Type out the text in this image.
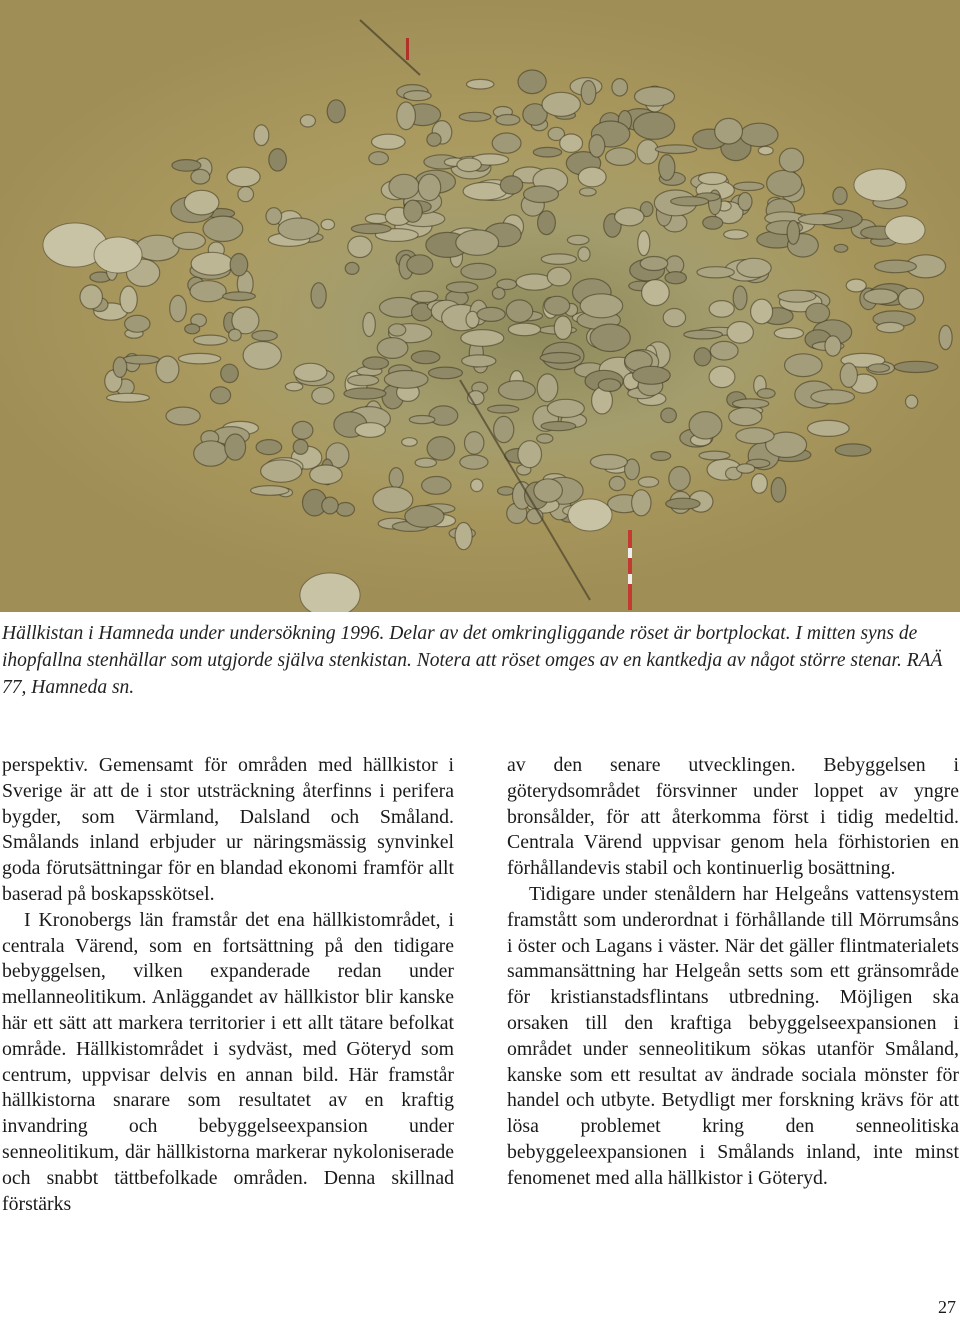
Hällkistan i Hamneda under undersökning 1996. Delar av det omkringliggande röset är bortplockat. I mitten syns de ihopfallna stenhällar som utgjorde själva stenkistan. Notera att röset omges av en kantkedja av något större stenar. RAÄ 77, Hamneda sn.

perspektiv. Gemensamt för områden med hällkistor i Sverige är att de i stor utsträckning återfinns i perifera bygder, som Värmland, Dalsland och Småland. Smålands inland erbjuder ur näringsmässig synvinkel goda förutsättningar för en blandad ekonomi framför allt baserad på boskapsskötsel.

I Kronobergs län framstår det ena hällkistområdet, i centrala Värend, som en fortsättning på den tidigare bebyggelsen, vilken expanderade redan under mellanneolitikum. Anläggandet av hällkistor blir kanske här ett sätt att markera territorier i ett allt tätare befolkat område. Hällkistområdet i sydväst, med Göteryd som centrum, uppvisar delvis en annan bild. Här framstår hällkistorna snarare som resultatet av en kraftig invandring och bebyggelseexpansion under senneolitikum, där hällkistorna markerar nykoloniserade och snabbt tättbefolkade områden. Denna skillnad förstärks

av den senare utvecklingen. Bebyggelsen i göterydsområdet försvinner under loppet av yngre bronsålder, för att återkomma först i tidig medeltid. Centrala Värend uppvisar genom hela förhistorien en förhållandevis stabil och kontinuerlig bosättning.

Tidigare under stenåldern har Helgeåns vattensystem framstått som underordnat i förhållande till Mörrumsåns i öster och Lagans i väster. När det gäller flintmaterialets sammansättning har Helgeån setts som ett gränsområde för kristianstadsflintans utbredning. Möjligen ska orsaken till den kraftiga bebyggelseexpansionen i området under senneolitikum sökas utanför Småland, kanske som ett resultat av ändrade sociala mönster för handel och utbyte. Betydligt mer forskning krävs för att lösa problemet kring den senneolitiska bebyggeleexpansionen i Smålands inland, inte minst fenomenet med alla hällkistor i Göteryd.

27
